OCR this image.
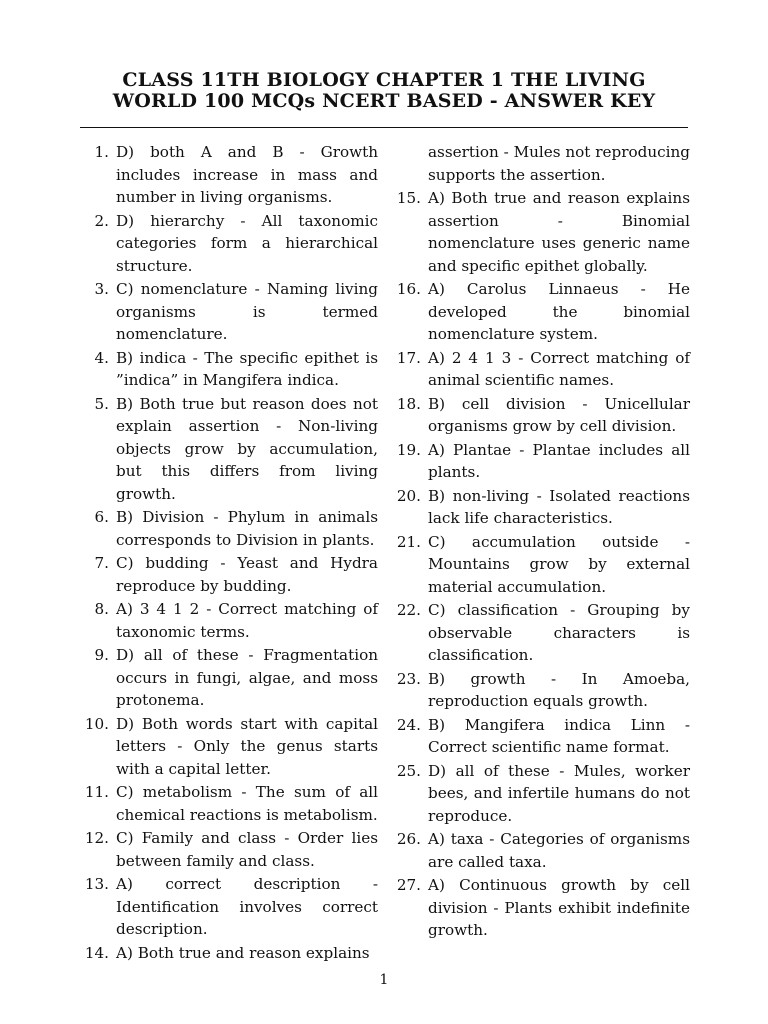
CLASS 11TH BIOLOGY CHAPTER 1 THE LIVING
WORLD 100 MCQs NCERT BASED - ANSWER KEY
1. D) both A and B - Growth includes increase in mass and number in living organisms.
2. D) hierarchy - All taxonomic categories form a hierarchical structure.
3. C) nomenclature - Naming living organisms is termed nomenclature.
4. B) indica - The specific epithet is ”indica” in Mangifera indica.
5. B) Both true but reason does not explain assertion - Non-living objects grow by accumulation, but this differs from living growth.
6. B) Division - Phylum in animals corresponds to Division in plants.
7. C) budding - Yeast and Hydra reproduce by budding.
8. A) 3 4 1 2 - Correct matching of taxonomic terms.
9. D) all of these - Fragmentation occurs in fungi, algae, and moss protonema.
10. D) Both words start with capital letters - Only the genus starts with a capital letter.
11. C) metabolism - The sum of all chemical reactions is metabolism.
12. C) Family and class - Order lies between family and class.
13. A) correct description - Identification involves correct description.
14. A) Both true and reason explains
assertion - Mules not reproducing supports the assertion.
15. A) Both true and reason explains assertion - Binomial nomenclature uses generic name and specific epithet globally.
16. A) Carolus Linnaeus - He developed the binomial nomenclature system.
17. A) 2 4 1 3 - Correct matching of animal scientific names.
18. B) cell division - Unicellular organisms grow by cell division.
19. A) Plantae - Plantae includes all plants.
20. B) non-living - Isolated reactions lack life characteristics.
21. C) accumulation outside - Mountains grow by external material accumulation.
22. C) classification - Grouping by observable characters is classification.
23. B) growth - In Amoeba, reproduction equals growth.
24. B) Mangifera indica Linn - Correct scientific name format.
25. D) all of these - Mules, worker bees, and infertile humans do not reproduce.
26. A) taxa - Categories of organisms are called taxa.
27. A) Continuous growth by cell division - Plants exhibit indefinite growth.
1
